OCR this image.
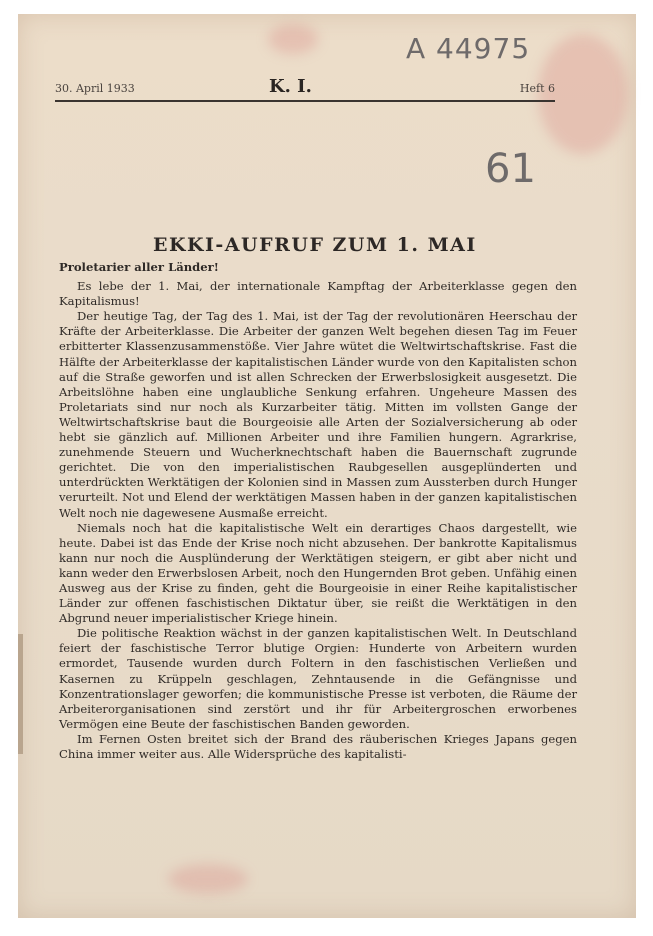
A 44975
61
30. April 1933	K. I.	Heft 6
EKKI-AUFRUF ZUM 1. MAI

Proletarier aller Länder!

Es lebe der 1. Mai, der internationale Kampftag der Arbeiterklasse gegen den Kapitalismus!

Der heutige Tag, der Tag des 1. Mai, ist der Tag der revolutionären Heerschau der Kräfte der Arbeiterklasse. Die Arbeiter der ganzen Welt begehen diesen Tag im Feuer erbitterter Klassenzusammenstöße. Vier Jahre wütet die Weltwirtschaftskrise. Fast die Hälfte der Arbeiterklasse der kapitalistischen Länder wurde von den Kapitalisten schon auf die Straße geworfen und ist allen Schrecken der Erwerbslosigkeit ausgesetzt. Die Arbeitslöhne haben eine unglaubliche Senkung erfahren. Ungeheure Massen des Proletariats sind nur noch als Kurzarbeiter tätig. Mitten im vollsten Gange der Weltwirtschaftskrise baut die Bourgeoisie alle Arten der Sozialversicherung ab oder hebt sie gänzlich auf. Millionen Arbeiter und ihre Familien hungern. Agrarkrise, zunehmende Steuern und Wucherknechtschaft haben die Bauernschaft zugrunde gerichtet. Die von den imperialistischen Raubgesellen ausgeplünderten und unterdrückten Werktätigen der Kolonien sind in Massen zum Aussterben durch Hunger verurteilt. Not und Elend der werktätigen Massen haben in der ganzen kapitalistischen Welt noch nie dagewesene Ausmaße erreicht.

Niemals noch hat die kapitalistische Welt ein derartiges Chaos dargestellt, wie heute. Dabei ist das Ende der Krise noch nicht abzusehen. Der bankrotte Kapitalismus kann nur noch die Ausplünderung der Werktätigen steigern, er gibt aber nicht und kann weder den Erwerbslosen Arbeit, noch den Hungernden Brot geben. Unfähig einen Ausweg aus der Krise zu finden, geht die Bourgeoisie in einer Reihe kapitalistischer Länder zur offenen faschistischen Diktatur über, sie reißt die Werktätigen in den Abgrund neuer imperialistischer Kriege hinein.

Die politische Reaktion wächst in der ganzen kapitalistischen Welt. In Deutschland feiert der faschistische Terror blutige Orgien: Hunderte von Arbeitern wurden ermordet, Tausende wurden durch Foltern in den faschistischen Verließen und Kasernen zu Krüppeln geschlagen, Zehntausende in die Gefängnisse und Konzentrationslager geworfen; die kommunistische Presse ist verboten, die Räume der Arbeiterorganisationen sind zerstört und ihr für Arbeitergroschen erworbenes Vermögen eine Beute der faschistischen Banden geworden.

Im Fernen Osten breitet sich der Brand des räuberischen Krieges Japans gegen China immer weiter aus. Alle Widersprüche des kapitalisti-
